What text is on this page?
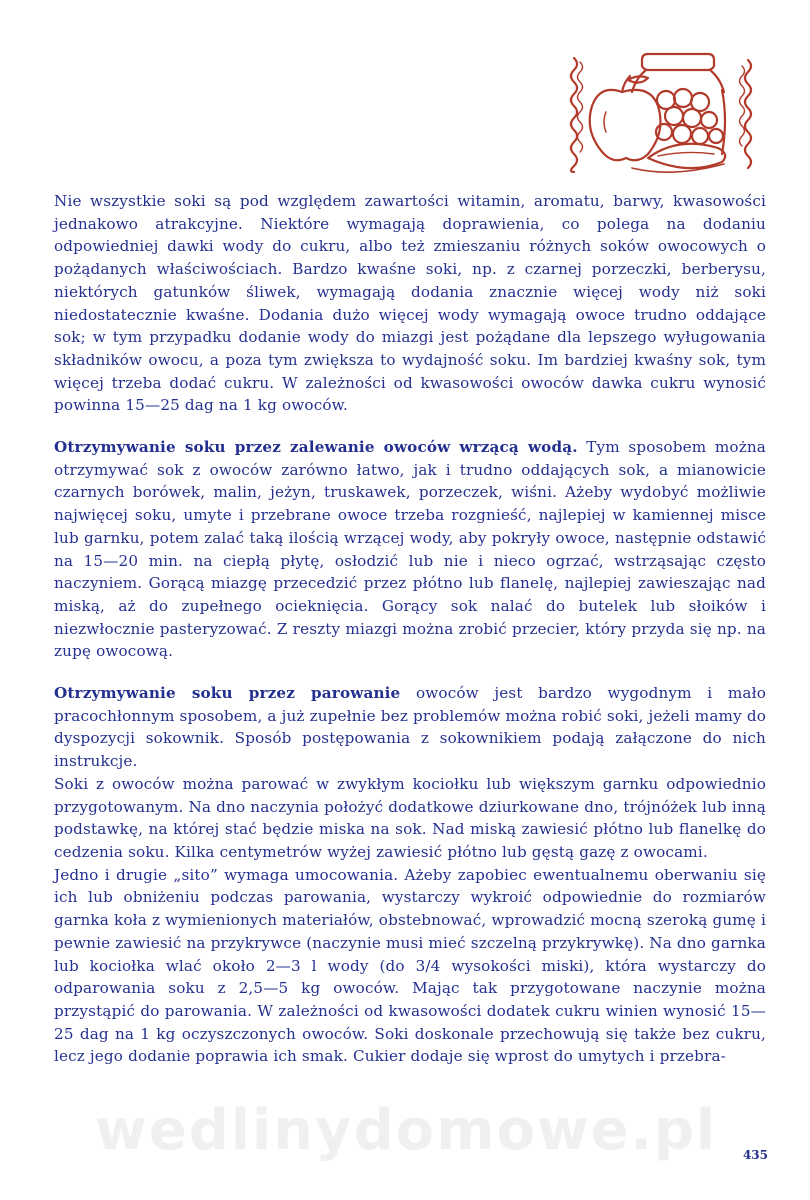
Nie wszystkie soki są pod względem zawartości witamin, aromatu, barwy, kwasowości jednakowo atrakcyjne. Niektóre wymagają doprawienia, co polega na dodaniu odpowiedniej dawki wody do cukru, albo też zmieszaniu różnych soków owocowych o pożądanych właściwościach. Bardzo kwaśne soki, np. z czarnej porzeczki, berberysu, niektórych gatunków śliwek, wymagają dodania znacznie więcej wody niż soki niedostatecznie kwaśne. Dodania dużo więcej wody wymagają owoce trudno oddające sok; w tym przypadku dodanie wody do miazgi jest pożądane dla lepszego wyługowania składników owocu, a poza tym zwiększa to wydajność soku. Im bardziej kwaśny sok, tym więcej trzeba dodać cukru. W zależności od kwasowości owoców dawka cukru wynosić powinna 15—25 dag na 1 kg owoców.

Otrzymywanie soku przez zalewanie owoców wrzącą wodą. Tym sposobem można otrzymywać sok z owoców zarówno łatwo, jak i trudno oddających sok, a mianowicie czarnych borówek, malin, jeżyn, truskawek, porzeczek, wiśni. Ażeby wydobyć możliwie najwięcej soku, umyte i przebrane owoce trzeba rozgnieść, najlepiej w kamiennej misce lub garnku, potem zalać taką ilością wrzącej wody, aby pokryły owoce, następnie odstawić na 15—20 min. na ciepłą płytę, osłodzić lub nie i nieco ogrzać, wstrząsając często naczyniem. Gorącą miazgę przecedzić przez płótno lub flanelę, najlepiej zawieszając nad miską, aż do zupełnego ocieknięcia. Gorący sok nalać do butelek lub słoików i niezwłocznie pasteryzować. Z reszty miazgi można zrobić przecier, który przyda się np. na zupę owocową.

Otrzymywanie soku przez parowanie owoców jest bardzo wygodnym i mało pracochłonnym sposobem, a już zupełnie bez problemów można robić soki, jeżeli mamy do dyspozycji sokownik. Sposób postępowania z sokownikiem podają załączone do nich instrukcje.

Soki z owoców można parować w zwykłym kociołku lub większym garnku odpowiednio przygotowanym. Na dno naczynia położyć dodatkowe dziurkowane dno, trójnóżek lub inną podstawkę, na której stać będzie miska na sok. Nad miską zawiesić płótno lub flanelkę do cedzenia soku. Kilka centymetrów wyżej zawiesić płótno lub gęstą gazę z owocami.

Jedno i drugie „sito” wymaga umocowania. Ażeby zapobiec ewentualnemu oberwaniu się ich lub obniżeniu podczas parowania, wystarczy wykroić odpowiednie do rozmiarów garnka koła z wymienionych materiałów, obstebnować, wprowadzić mocną szeroką gumę i pewnie zawiesić na przykrywce (naczynie musi mieć szczelną przykrywkę). Na dno garnka lub kociołka wlać około 2—3 l wody (do 3/4 wysokości miski), która wystarczy do odparowania soku z 2,5—5 kg owoców. Mając tak przygotowane naczynie można przystąpić do parowania. W zależności od kwasowości dodatek cukru winien wynosić 15—25 dag na 1 kg oczyszczonych owoców. Soki doskonale przechowują się także bez cukru, lecz jego dodanie poprawia ich smak. Cukier dodaje się wprost do umytych i przebra-

wedlinydomowe.pl 435
